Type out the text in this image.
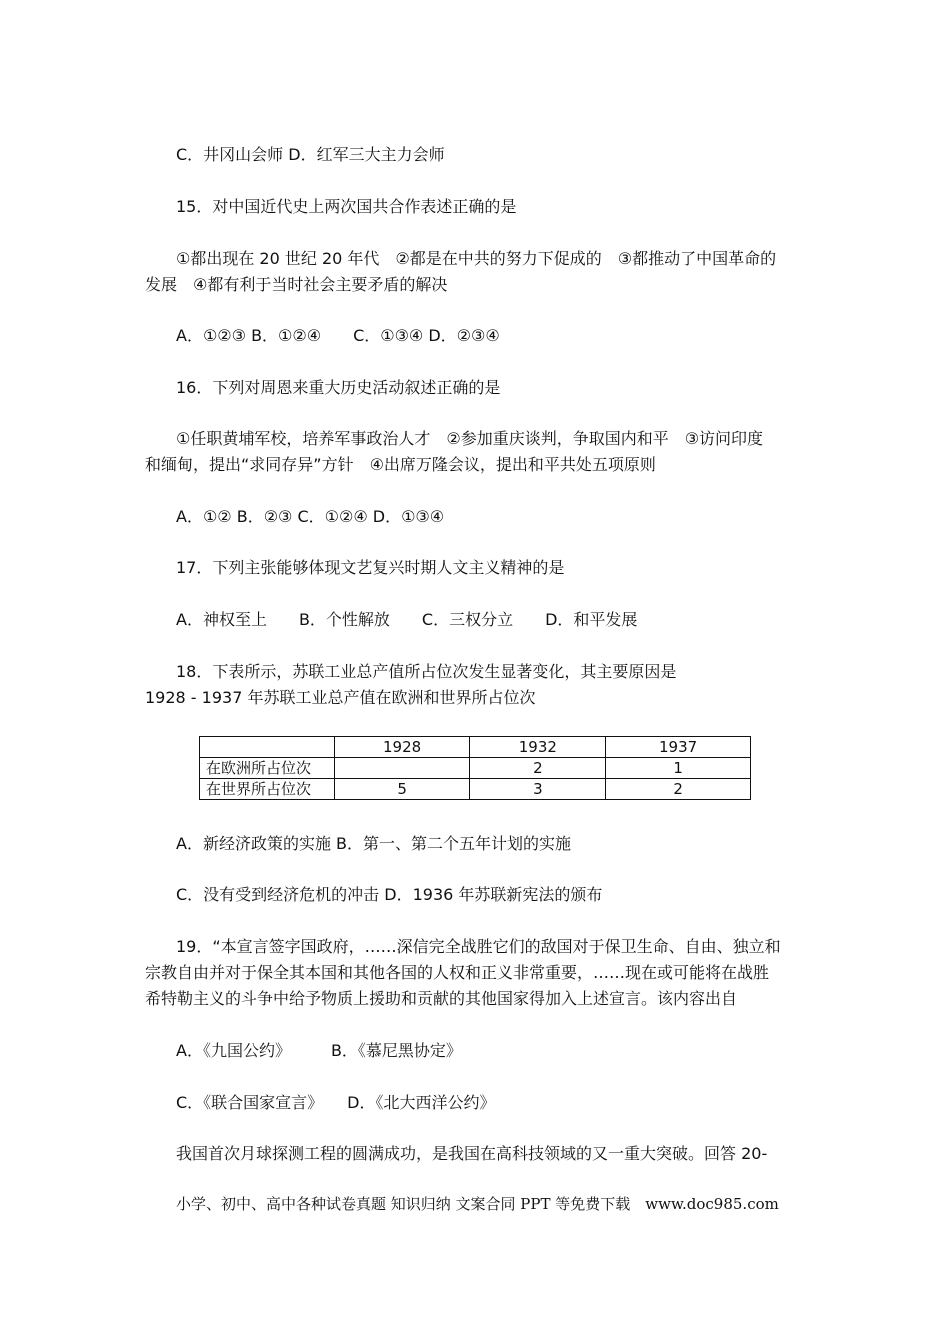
C．井冈山会师 D．红军三大主力会师
15．对中国近代史上两次国共合作表述正确的是
①都出现在 20 世纪 20 年代　②都是在中共的努力下促成的　③都推动了中国革命的
发展　④都有利于当时社会主要矛盾的解决
A．①②③ B．①②④　　C．①③④ D．②③④
16．下列对周恩来重大历史活动叙述正确的是
①任职黄埔军校，培养军事政治人才　②参加重庆谈判，争取国内和平　③访问印度
和缅甸，提出“求同存异”方针　④出席万隆会议，提出和平共处五项原则
A．①② B．②③ C．①②④ D．①③④
17．下列主张能够体现文艺复兴时期人文主义精神的是
A．神权至上　　B．个性解放　　C．三权分立　　D．和平发展
18．下表所示，苏联工业总产值所占位次发生显著变化，其主要原因是
1928 - 1937 年苏联工业总产值在欧洲和世界所占位次
	1928	1932	1937
在欧洲所占位次		2	1
在世界所占位次	5	3	2
A．新经济政策的实施 B．第一、第二个五年计划的实施
C．没有受到经济危机的冲击 D．1936 年苏联新宪法的颁布
19．“本宣言签字国政府，……深信完全战胜它们的敌国对于保卫生命、自由、独立和
宗教自由并对于保全其本国和其他各国的人权和正义非常重要，……现在或可能将在战胜
希特勒主义的斗争中给予物质上援助和贡献的其他国家得加入上述宣言。该内容出自
A．《九国公约》　　　B．《慕尼黑协定》
C．《联合国家宣言》　　D．《北大西洋公约》
我国首次月球探测工程的圆满成功，是我国在高科技领域的又一重大突破。回答 20-
小学、初中、高中各种试卷真题 知识归纳 文案合同 PPT 等免费下载　www.doc985.com
